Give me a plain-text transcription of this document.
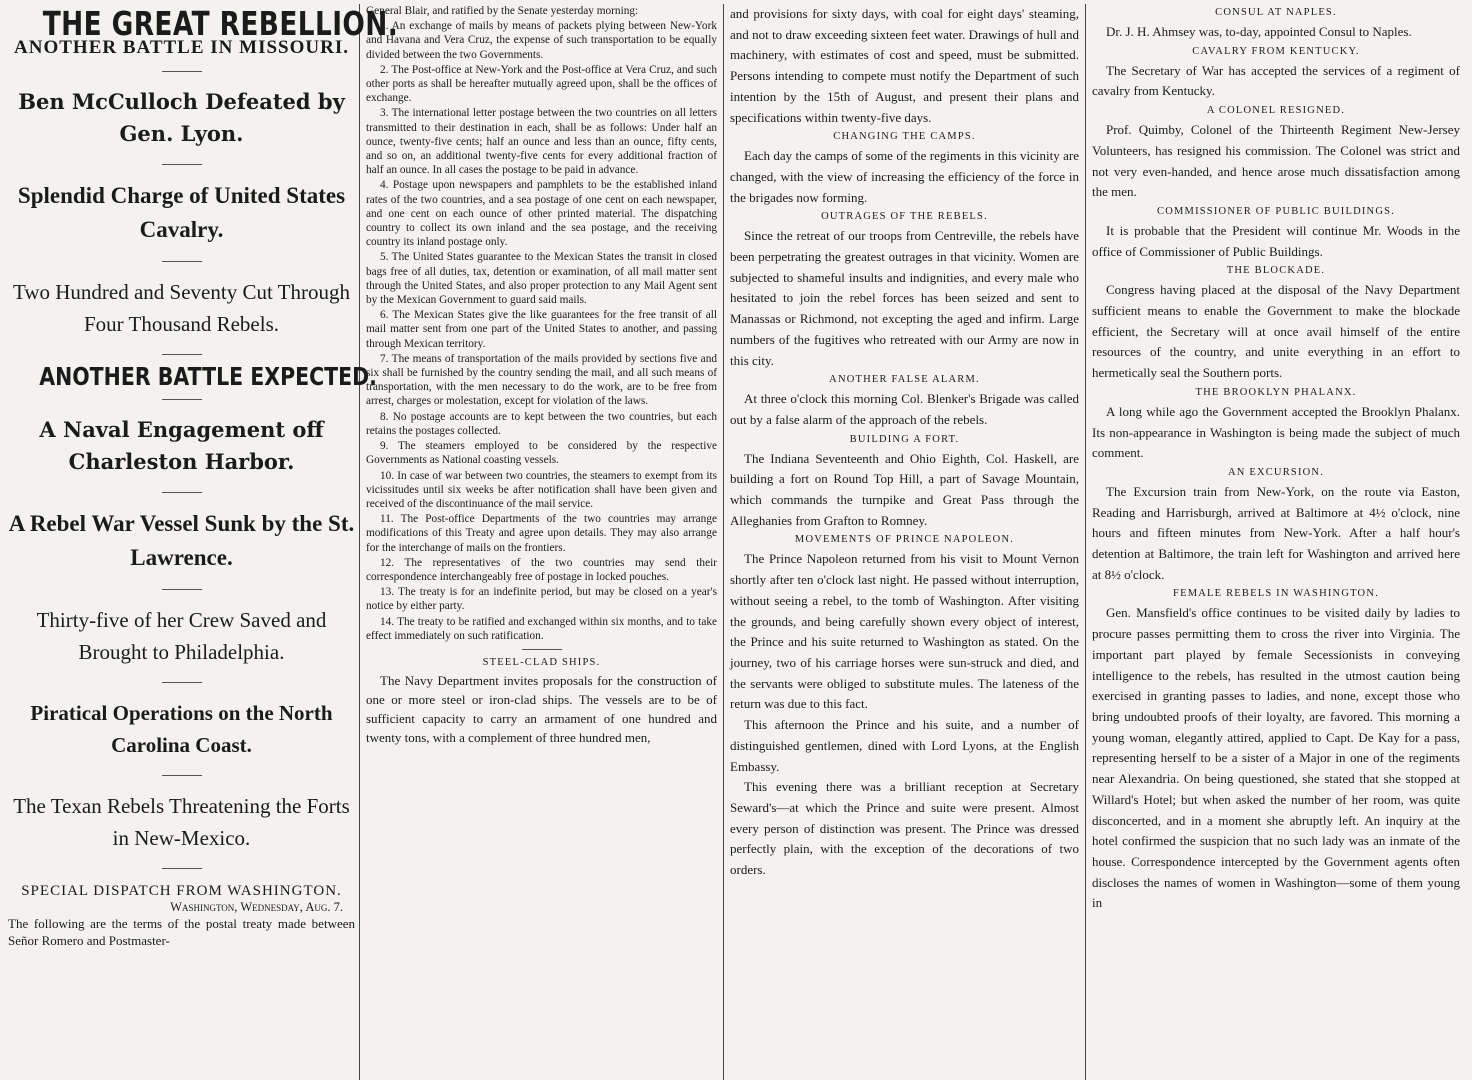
THE GREAT REBELLION.
ANOTHER BATTLE IN MISSOURI.
Ben McCulloch Defeated by Gen. Lyon.
Splendid Charge of United States Cavalry.
Two Hundred and Seventy Cut Through Four Thousand Rebels.
ANOTHER BATTLE EXPECTED.
A Naval Engagement off Charleston Harbor.
A Rebel War Vessel Sunk by the St. Lawrence.
Thirty-five of her Crew Saved and Brought to Philadelphia.
Piratical Operations on the North Carolina Coast.
The Texan Rebels Threatening the Forts in New-Mexico.
SPECIAL DISPATCH FROM WASHINGTON.
Washington, Wednesday, Aug. 7.
The following are the terms of the postal treaty made between Señor Romero and Postmaster-

General Blair, and ratified by the Senate yesterday morning:

1. An exchange of mails by means of packets plying between New-York and Havana and Vera Cruz, the expense of such transportation to be equally divided between the two Governments.

2. The Post-office at New-York and the Post-office at Vera Cruz, and such other ports as shall be hereafter mutually agreed upon, shall be the offices of exchange.

3. The international letter postage between the two countries on all letters transmitted to their destination in each, shall be as follows: Under half an ounce, twenty-five cents; half an ounce and less than an ounce, fifty cents, and so on, an additional twenty-five cents for every additional fraction of half an ounce. In all cases the postage to be paid in advance.

4. Postage upon newspapers and pamphlets to be the established inland rates of the two countries, and a sea postage of one cent on each newspaper, and one cent on each ounce of other printed material. The dispatching country to collect its own inland and the sea postage, and the receiving country its inland postage only.

5. The United States guarantee to the Mexican States the transit in closed bags free of all duties, tax, detention or examination, of all mail matter sent through the United States, and also proper protection to any Mail Agent sent by the Mexican Government to guard said mails.

6. The Mexican States give the like guarantees for the free transit of all mail matter sent from one part of the United States to another, and passing through Mexican territory.

7. The means of transportation of the mails provided by sections five and six shall be furnished by the country sending the mail, and all such means of transportation, with the men necessary to do the work, are to be free from arrest, charges or molestation, except for violation of the laws.

8. No postage accounts are to kept between the two countries, but each retains the postages collected.

9. The steamers employed to be considered by the respective Governments as National coasting vessels.

10. In case of war between two countries, the steamers to exempt from its vicissitudes until six weeks be after notification shall have been given and received of the discontinuance of the mail service.

11. The Post-office Departments of the two countries may arrange modifications of this Treaty and agree upon details. They may also arrange for the interchange of mails on the frontiers.

12. The representatives of the two countries may send their correspondence interchangeably free of postage in locked pouches.

13. The treaty is for an indefinite period, but may be closed on a year's notice by either party.

14. The treaty to be ratified and exchanged within six months, and to take effect immediately on such ratification.

STEEL-CLAD SHIPS.

The Navy Department invites proposals for the construction of one or more steel or iron-clad ships. The vessels are to be of sufficient capacity to carry an armament of one hundred and twenty tons, with a complement of three hundred men,

and provisions for sixty days, with coal for eight days' steaming, and not to draw exceeding sixteen feet water. Drawings of hull and machinery, with estimates of cost and speed, must be submitted. Persons intending to compete must notify the Department of such intention by the 15th of August, and present their plans and specifications within twenty-five days.

CHANGING THE CAMPS.

Each day the camps of some of the regiments in this vicinity are changed, with the view of increasing the efficiency of the force in the brigades now forming.

OUTRAGES OF THE REBELS.

Since the retreat of our troops from Centreville, the rebels have been perpetrating the greatest outrages in that vicinity. Women are subjected to shameful insults and indignities, and every male who hesitated to join the rebel forces has been seized and sent to Manassas or Richmond, not excepting the aged and infirm. Large numbers of the fugitives who retreated with our Army are now in this city.

ANOTHER FALSE ALARM.

At three o'clock this morning Col. Blenker's Brigade was called out by a false alarm of the approach of the rebels.

BUILDING A FORT.

The Indiana Seventeenth and Ohio Eighth, Col. Haskell, are building a fort on Round Top Hill, a part of Savage Mountain, which commands the turnpike and Great Pass through the Alleghanies from Grafton to Romney.

MOVEMENTS OF PRINCE NAPOLEON.

The Prince Napoleon returned from his visit to Mount Vernon shortly after ten o'clock last night. He passed without interruption, without seeing a rebel, to the tomb of Washington. After visiting the grounds, and being carefully shown every object of interest, the Prince and his suite returned to Washington as stated. On the journey, two of his carriage horses were sun-struck and died, and the servants were obliged to substitute mules. The lateness of the return was due to this fact.

This afternoon the Prince and his suite, and a number of distinguished gentlemen, dined with Lord Lyons, at the English Embassy.

This evening there was a brilliant reception at Secretary Seward's—at which the Prince and suite were present. Almost every person of distinction was present. The Prince was dressed perfectly plain, with the exception of the decorations of two orders.

CONSUL AT NAPLES.

Dr. J. H. Ahmsey was, to-day, appointed Consul to Naples.

CAVALRY FROM KENTUCKY.

The Secretary of War has accepted the services of a regiment of cavalry from Kentucky.

A COLONEL RESIGNED.

Prof. Quimby, Colonel of the Thirteenth Regiment New-Jersey Volunteers, has resigned his commission. The Colonel was strict and not very even-handed, and hence arose much dissatisfaction among the men.

COMMISSIONER OF PUBLIC BUILDINGS.

It is probable that the President will continue Mr. Woods in the office of Commissioner of Public Buildings.

THE BLOCKADE.

Congress having placed at the disposal of the Navy Department sufficient means to enable the Government to make the blockade efficient, the Secretary will at once avail himself of the entire resources of the country, and unite everything in an effort to hermetically seal the Southern ports.

THE BROOKLYN PHALANX.

A long while ago the Government accepted the Brooklyn Phalanx. Its non-appearance in Washington is being made the subject of much comment.

AN EXCURSION.

The Excursion train from New-York, on the route via Easton, Reading and Harrisburgh, arrived at Baltimore at 4½ o'clock, nine hours and fifteen minutes from New-York. After a half hour's detention at Baltimore, the train left for Washington and arrived here at 8½ o'clock.

FEMALE REBELS IN WASHINGTON.

Gen. Mansfield's office continues to be visited daily by ladies to procure passes permitting them to cross the river into Virginia. The important part played by female Secessionists in conveying intelligence to the rebels, has resulted in the utmost caution being exercised in granting passes to ladies, and none, except those who bring undoubted proofs of their loyalty, are favored. This morning a young woman, elegantly attired, applied to Capt. De Kay for a pass, representing herself to be a sister of a Major in one of the regiments near Alexandria. On being questioned, she stated that she stopped at Willard's Hotel; but when asked the number of her room, was quite disconcerted, and in a moment she abruptly left. An inquiry at the hotel confirmed the suspicion that no such lady was an inmate of the house. Correspondence intercepted by the Government agents often discloses the names of women in Washington—some of them young in
